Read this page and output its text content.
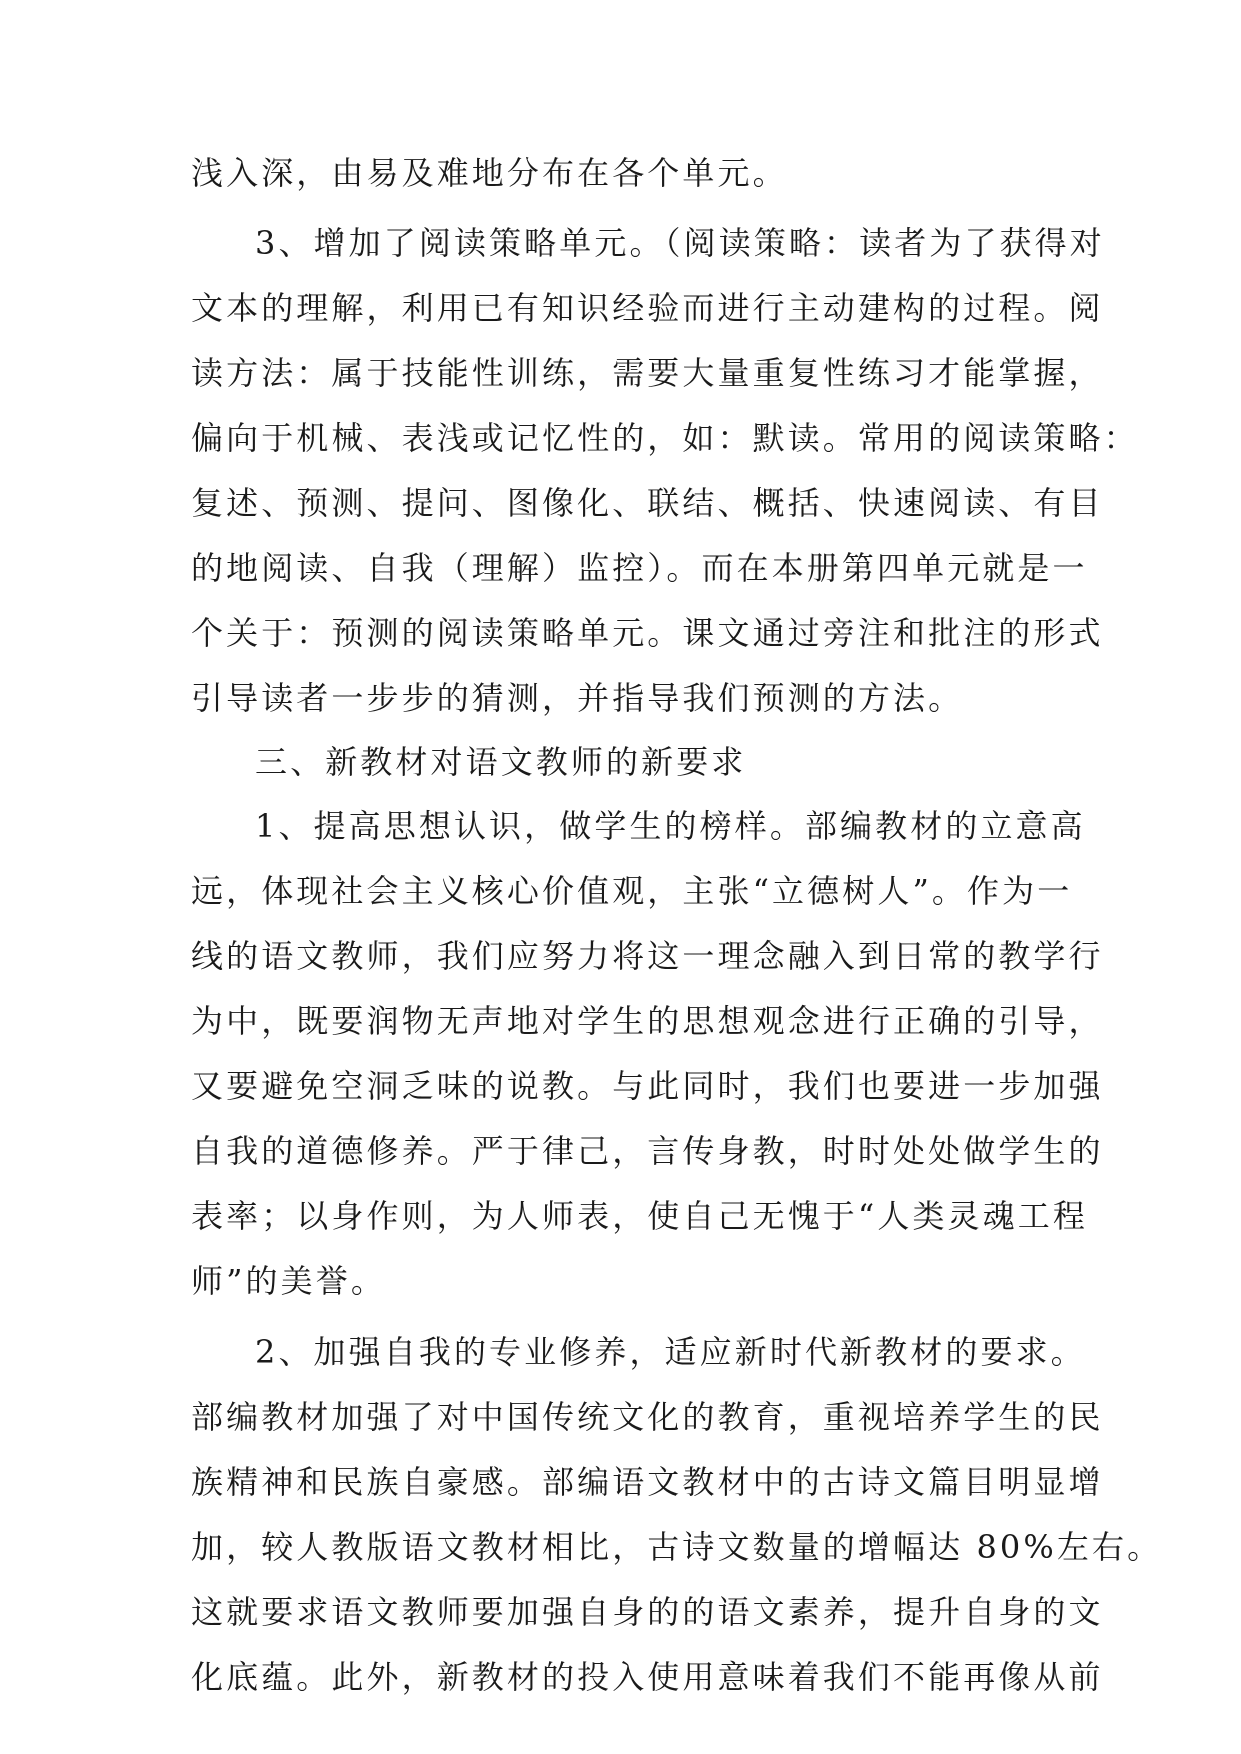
浅入深，由易及难地分布在各个单元。
3、增加了阅读策略单元。（阅读策略：读者为了获得对
文本的理解，利用已有知识经验而进行主动建构的过程。阅
读方法：属于技能性训练，需要大量重复性练习才能掌握，
偏向于机械、表浅或记忆性的，如：默读。常用的阅读策略：
复述、预测、提问、图像化、联结、概括、快速阅读、有目
的地阅读、自我（理解）监控）。而在本册第四单元就是一
个关于：预测的阅读策略单元。课文通过旁注和批注的形式
引导读者一步步的猜测，并指导我们预测的方法。
三、新教材对语文教师的新要求
1、提高思想认识，做学生的榜样。部编教材的立意高
远，体现社会主义核心价值观，主张“立德树人”。作为一
线的语文教师，我们应努力将这一理念融入到日常的教学行
为中，既要润物无声地对学生的思想观念进行正确的引导，
又要避免空洞乏味的说教。与此同时，我们也要进一步加强
自我的道德修养。严于律己，言传身教，时时处处做学生的
表率；以身作则，为人师表，使自己无愧于“人类灵魂工程
师”的美誉。
2、加强自我的专业修养，适应新时代新教材的要求。
部编教材加强了对中国传统文化的教育，重视培养学生的民
族精神和民族自豪感。部编语文教材中的古诗文篇目明显增
加，较人教版语文教材相比，古诗文数量的增幅达 80%左右。
这就要求语文教师要加强自身的的语文素养，提升自身的文
化底蕴。此外，新教材的投入使用意味着我们不能再像从前
